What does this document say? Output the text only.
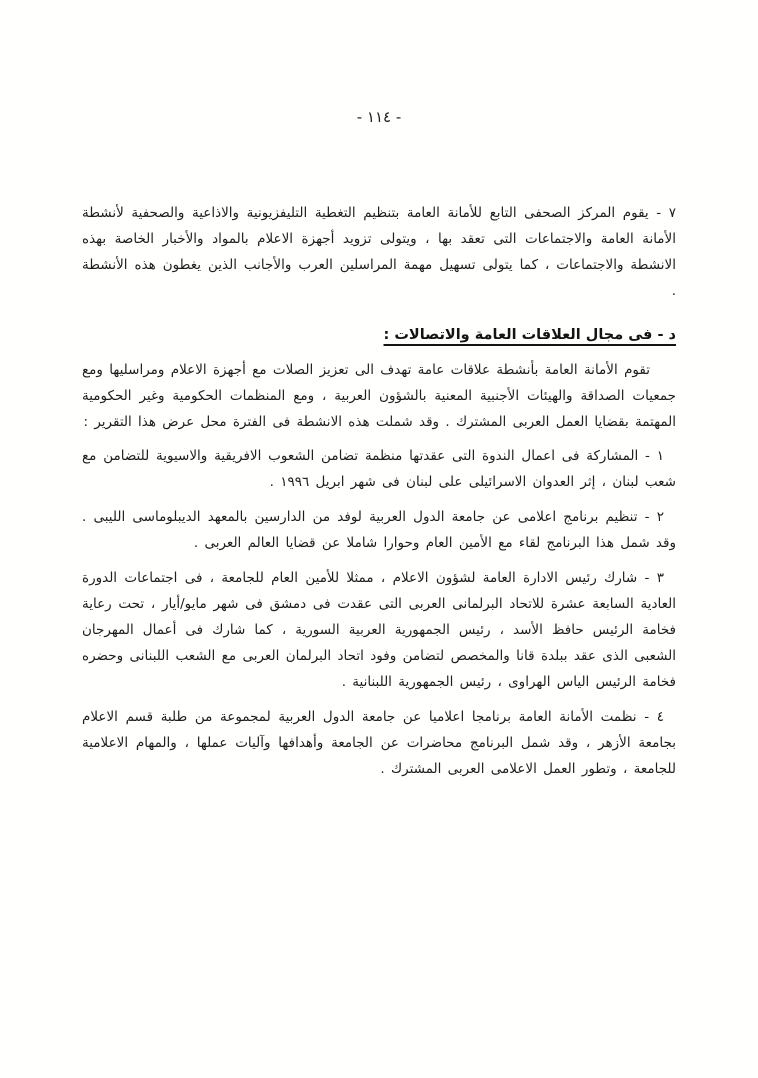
- ١١٤ -

٧ - يقوم المركز الصحفى التابع للأمانة العامة بتنظيم التغطية التليفزيونية والاذاعية والصحفية لأنشطة الأمانة العامة والاجتماعات التى تعقد بها ، ويتولى تزويد أجهزة الاعلام بالمواد والأخبار الخاصة بهذه الانشطة والاجتماعات ، كما يتولى تسهيل مهمة المراسلين العرب والأجانب الذين يغطون هذه الأنشطة .

د - فى مجال العلاقات العامة والاتصالات :

تقوم الأمانة العامة بأنشطة علاقات عامة تهدف الى تعزيز الصلات مع أجهزة الاعلام ومراسليها ومع جمعيات الصداقة والهيئات الأجنبية المعنية بالشؤون العربية ، ومع المنظمات الحكومية وغير الحكومية المهتمة بقضايا العمل العربى المشترك . وقد شملت هذه الانشطة فى الفترة محل عرض هذا التقرير :

١ - المشاركة فى اعمال الندوة التى عقدتها منظمة تضامن الشعوب الافريقية والاسيوية للتضامن مع شعب لبنان ، إثر العدوان الاسرائيلى على لبنان فى شهر ابريل ١٩٩٦ .

٢ - تنظيم برنامج اعلامى عن جامعة الدول العربية لوفد من الدارسين بالمعهد الديبلوماسى الليبى . وقد شمل هذا البرنامج لقاء مع الأمين العام وحوارا شاملا عن قضايا العالم العربى .

٣ - شارك رئيس الادارة العامة لشؤون الاعلام ، ممثلا للأمين العام للجامعة ، فى اجتماعات الدورة العادية السابعة عشرة للاتحاد البرلمانى العربى التى عقدت فى دمشق فى شهر مايو/أيار ، تحت رعاية فخامة الرئيس حافظ الأسد ، رئيس الجمهورية العربية السورية ، كما شارك فى أعمال المهرجان الشعبى الذى عقد ببلدة قانا والمخصص لتضامن وفود اتحاد البرلمان العربى مع الشعب اللبنانى وحضره فخامة الرئيس الياس الهراوى ، رئيس الجمهورية اللبنانية .

٤ - نظمت الأمانة العامة برنامجا اعلاميا عن جامعة الدول العربية لمجموعة من طلبة قسم الاعلام بجامعة الأزهر ، وقد شمل البرنامج محاضرات عن الجامعة وأهدافها وآليات عملها ، والمهام الاعلامية للجامعة ، وتطور العمل الاعلامى العربى المشترك .
